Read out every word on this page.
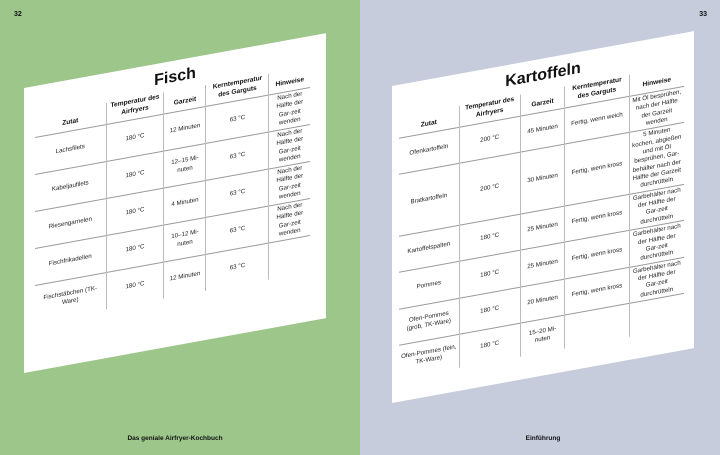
32
Fisch
Zutat	Temperatur des Airfryers	Garzeit	Kerntemperatur des Garguts	Hinweise
Lachsfilets	180 °C	12 Minuten	63 °C	Nach der Hälfte der Gar-zeit wenden
Kabeljaufilets	180 °C	12–15 Mi-nuten	63 °C	Nach der Hälfte der Gar-zeit wenden
Riesengarnelen	180 °C	4 Minuten	63 °C	Nach der Hälfte der Gar-zeit wenden
Fischfrikadellen	180 °C	10–12 Mi-nuten	63 °C	Nach der Hälfte der Gar-zeit wenden
Fischstäbchen (TK-Ware)	180 °C	12 Minuten	63 °C	
Das geniale Airfryer-Kochbuch
33
Kartoffeln
Zutat	Temperatur des Airfryers	Garzeit	Kerntemperatur des Garguts	Hinweise
Ofenkartoffeln	200 °C	45 Minuten	Fertig, wenn weich	Mit Öl besprühen, nach der Hälfte der Garzeit wenden
Bratkartoffeln	200 °C	30 Minuten	Fertig, wenn kross	5 Minuten kochen, abgießen und mit Öl besprühen, Gar-behälter nach der Hälfte der Garzeit durchrütteln
Kartoffelspalten	180 °C	25 Minuten	Fertig, wenn kross	Garbehälter nach der Hälfte der Gar-zeit durchrütteln
Pommes	180 °C	25 Minuten	Fertig, wenn kross	Garbehälter nach der Hälfte der Gar-zeit durchrütteln
Ofen-Pommes (grob, TK-Ware)	180 °C	20 Minuten	Fertig, wenn kross	Garbehälter nach der Hälfte der Gar-zeit durchrütteln
Ofen-Pommes (fein, TK-Ware)	180 °C	15–20 Mi-nuten		
Einführung
